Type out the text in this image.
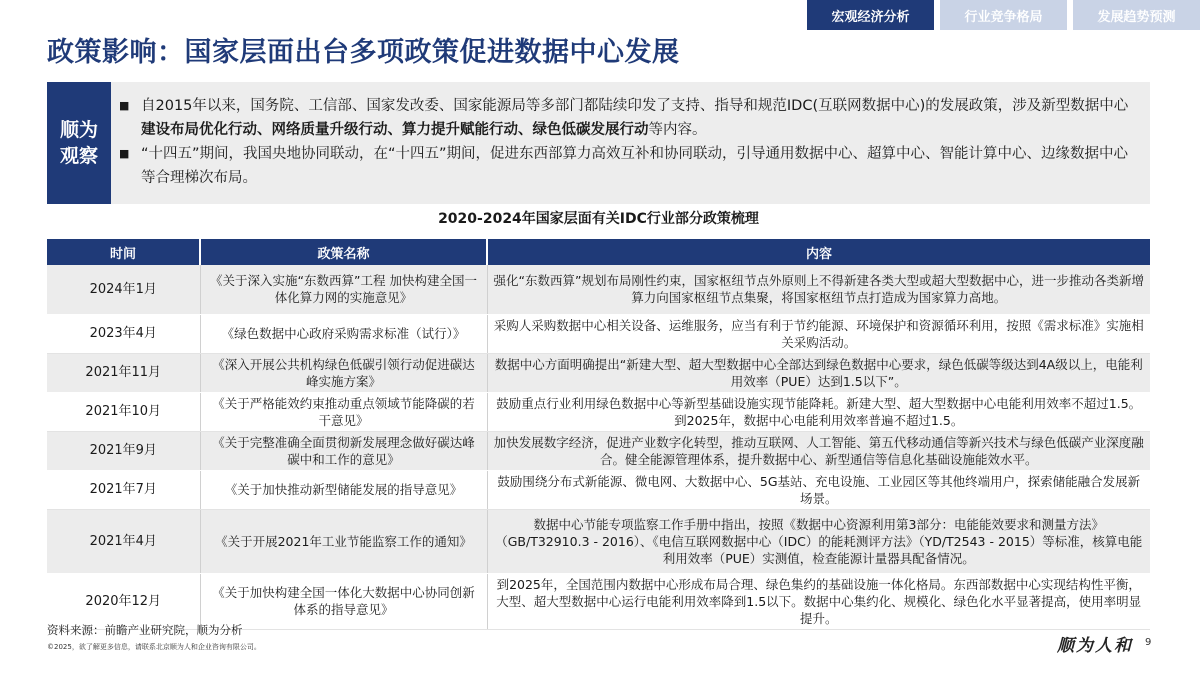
宏观经济分析	行业竞争格局	发展趋势预测
政策影响：国家层面出台多项政策促进数据中心发展
顺为
观察
■
自2015年以来，国务院、工信部、国家发改委、国家能源局等多部门都陆续印发了支持、指导和规范IDC(互联网数据中心)的发展政策，涉及新型数据中心建设布局优化行动、网络质量升级行动、算力提升赋能行动、绿色低碳发展行动等内容。
■
“十四五”期间，我国央地协同联动，在“十四五”期间，促进东西部算力高效互补和协同联动，引导通用数据中心、超算中心、智能计算中心、边缘数据中心等合理梯次布局。
2020-2024年国家层面有关IDC行业部分政策梳理
时间	政策名称	内容
2024年1月	《关于深入实施“东数西算”工程 加快构建全国一体化算力网的实施意见》	强化“东数西算”规划布局刚性约束，国家枢纽节点外原则上不得新建各类大型或超大型数据中心，进一步推动各类新增算力向国家枢纽节点集聚，将国家枢纽节点打造成为国家算力高地。
2023年4月	《绿色数据中心政府采购需求标准（试行）》	采购人采购数据中心相关设备、运维服务，应当有利于节约能源、环境保护和资源循环利用，按照《需求标准》实施相关采购活动。
2021年11月	《深入开展公共机构绿色低碳引领行动促进碳达峰实施方案》	数据中心方面明确提出“新建大型、超大型数据中心全部达到绿色数据中心要求，绿色低碳等级达到4A级以上，电能利用效率（PUE）达到1.5以下”。
2021年10月	《关于严格能效约束推动重点领域节能降碳的若干意见》	鼓励重点行业利用绿色数据中心等新型基础设施实现节能降耗。新建大型、超大型数据中心电能利用效率不超过1.5。到2025年，数据中心电能利用效率普遍不超过1.5。
2021年9月	《关于完整准确全面贯彻新发展理念做好碳达峰碳中和工作的意见》	加快发展数字经济，促进产业数字化转型，推动互联网、人工智能、第五代移动通信等新兴技术与绿色低碳产业深度融合。健全能源管理体系，提升数据中心、新型通信等信息化基础设施能效水平。
2021年7月	《关于加快推动新型储能发展的指导意见》	鼓励围绕分布式新能源、微电网、大数据中心、5G基站、充电设施、工业园区等其他终端用户，探索储能融合发展新场景。
2021年4月	《关于开展2021年工业节能监察工作的通知》	数据中心节能专项监察工作手册中指出，按照《数据中心资源利用第3部分：电能能效要求和测量方法》（GB/T32910.3 - 2016）、《电信互联网数据中心（IDC）的能耗测评方法》（YD/T2543 - 2015）等标准，核算电能利用效率（PUE）实测值，检查能源计量器具配备情况。
2020年12月	《关于加快构建全国一体化大数据中心协同创新体系的指导意见》	到2025年，全国范围内数据中心形成布局合理、绿色集约的基础设施一体化格局。东西部数据中心实现结构性平衡，大型、超大型数据中心运行电能利用效率降到1.5以下。数据中心集约化、规模化、绿色化水平显著提高，使用率明显提升。
资料来源：前瞻产业研究院，顺为分析
©2025，欲了解更多信息，请联系北京顺为人和企业咨询有限公司。	顺为人和 9
